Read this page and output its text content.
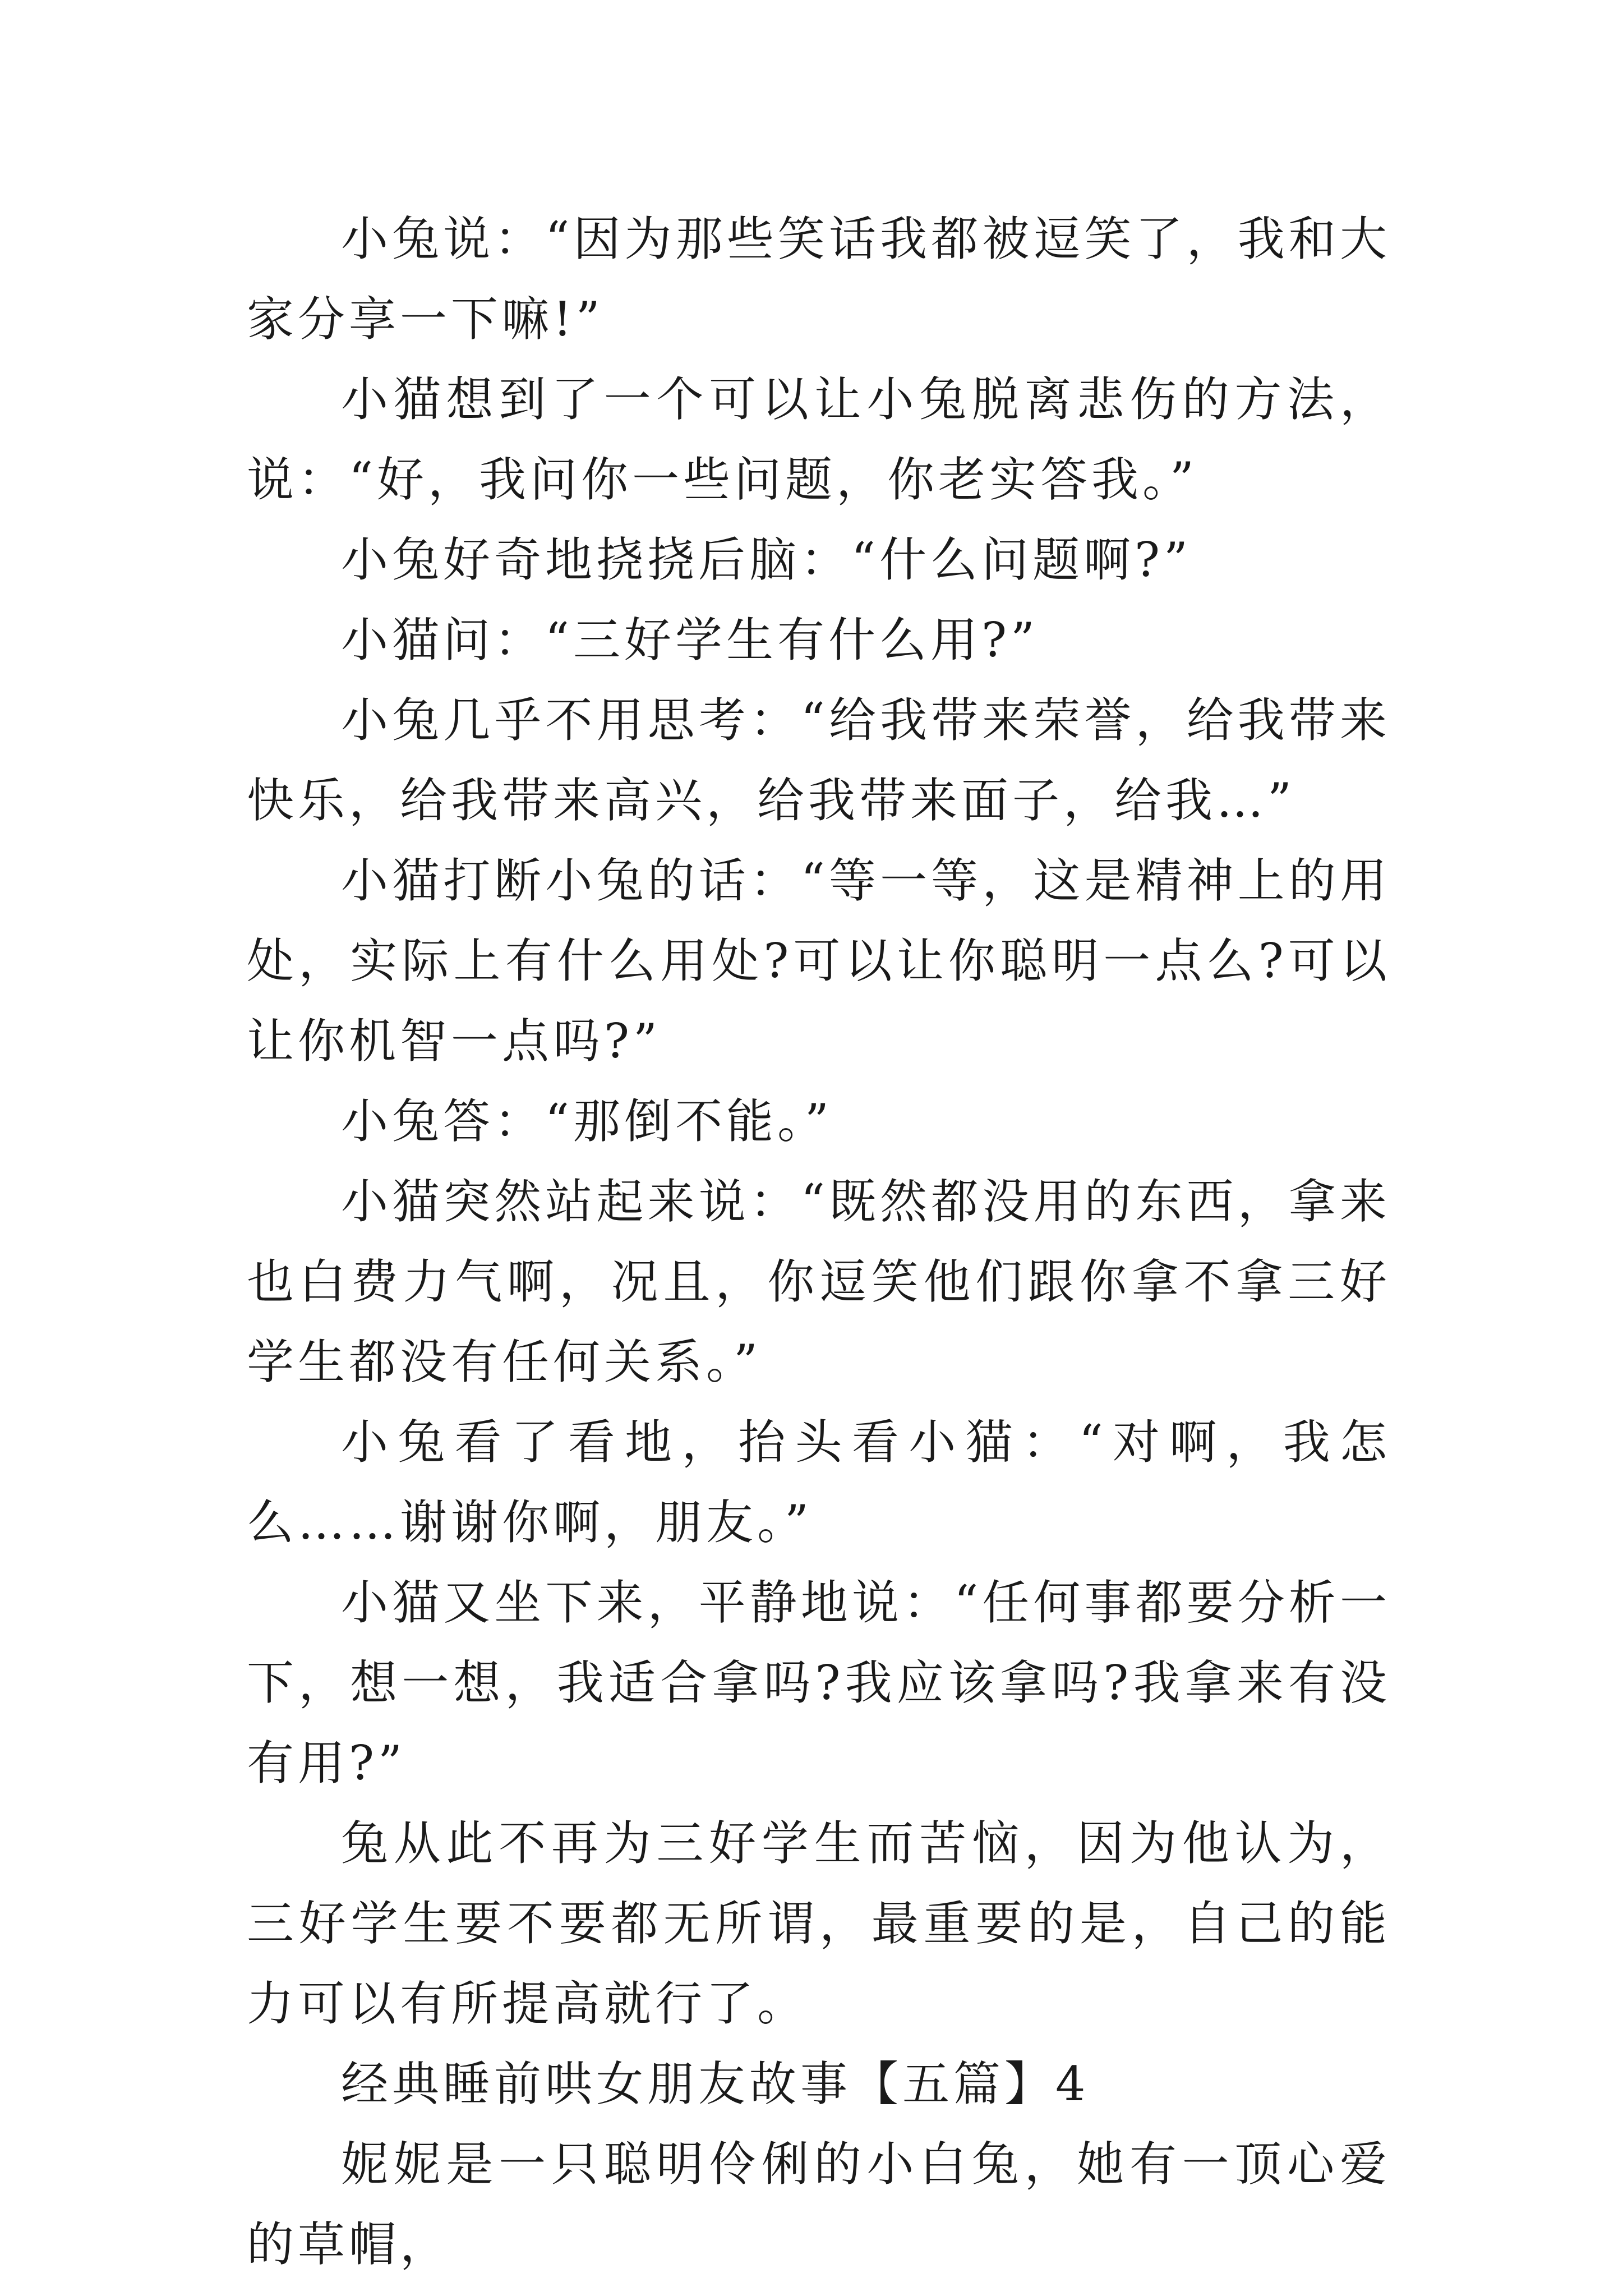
小兔说：“因为那些笑话我都被逗笑了，我和大家分享一下嘛!”

小猫想到了一个可以让小兔脱离悲伤的方法，说：“好，我问你一些问题，你老实答我。”

小兔好奇地挠挠后脑：“什么问题啊?”

小猫问：“三好学生有什么用?”

小兔几乎不用思考：“给我带来荣誉，给我带来快乐，给我带来高兴，给我带来面子，给我…”

小猫打断小兔的话：“等一等，这是精神上的用处，实际上有什么用处?可以让你聪明一点么?可以让你机智一点吗?”

小兔答：“那倒不能。”

小猫突然站起来说：“既然都没用的东西，拿来也白费力气啊，况且，你逗笑他们跟你拿不拿三好学生都没有任何关系。”

小兔看了看地，抬头看小猫：“对啊，我怎么……谢谢你啊，朋友。”

小猫又坐下来，平静地说：“任何事都要分析一下，想一想，我适合拿吗?我应该拿吗?我拿来有没有用?”

兔从此不再为三好学生而苦恼，因为他认为，三好学生要不要都无所谓，最重要的是，自己的能力可以有所提高就行了。

经典睡前哄女朋友故事【五篇】4

妮妮是一只聪明伶俐的小白兔，她有一顶心爱的草帽，
